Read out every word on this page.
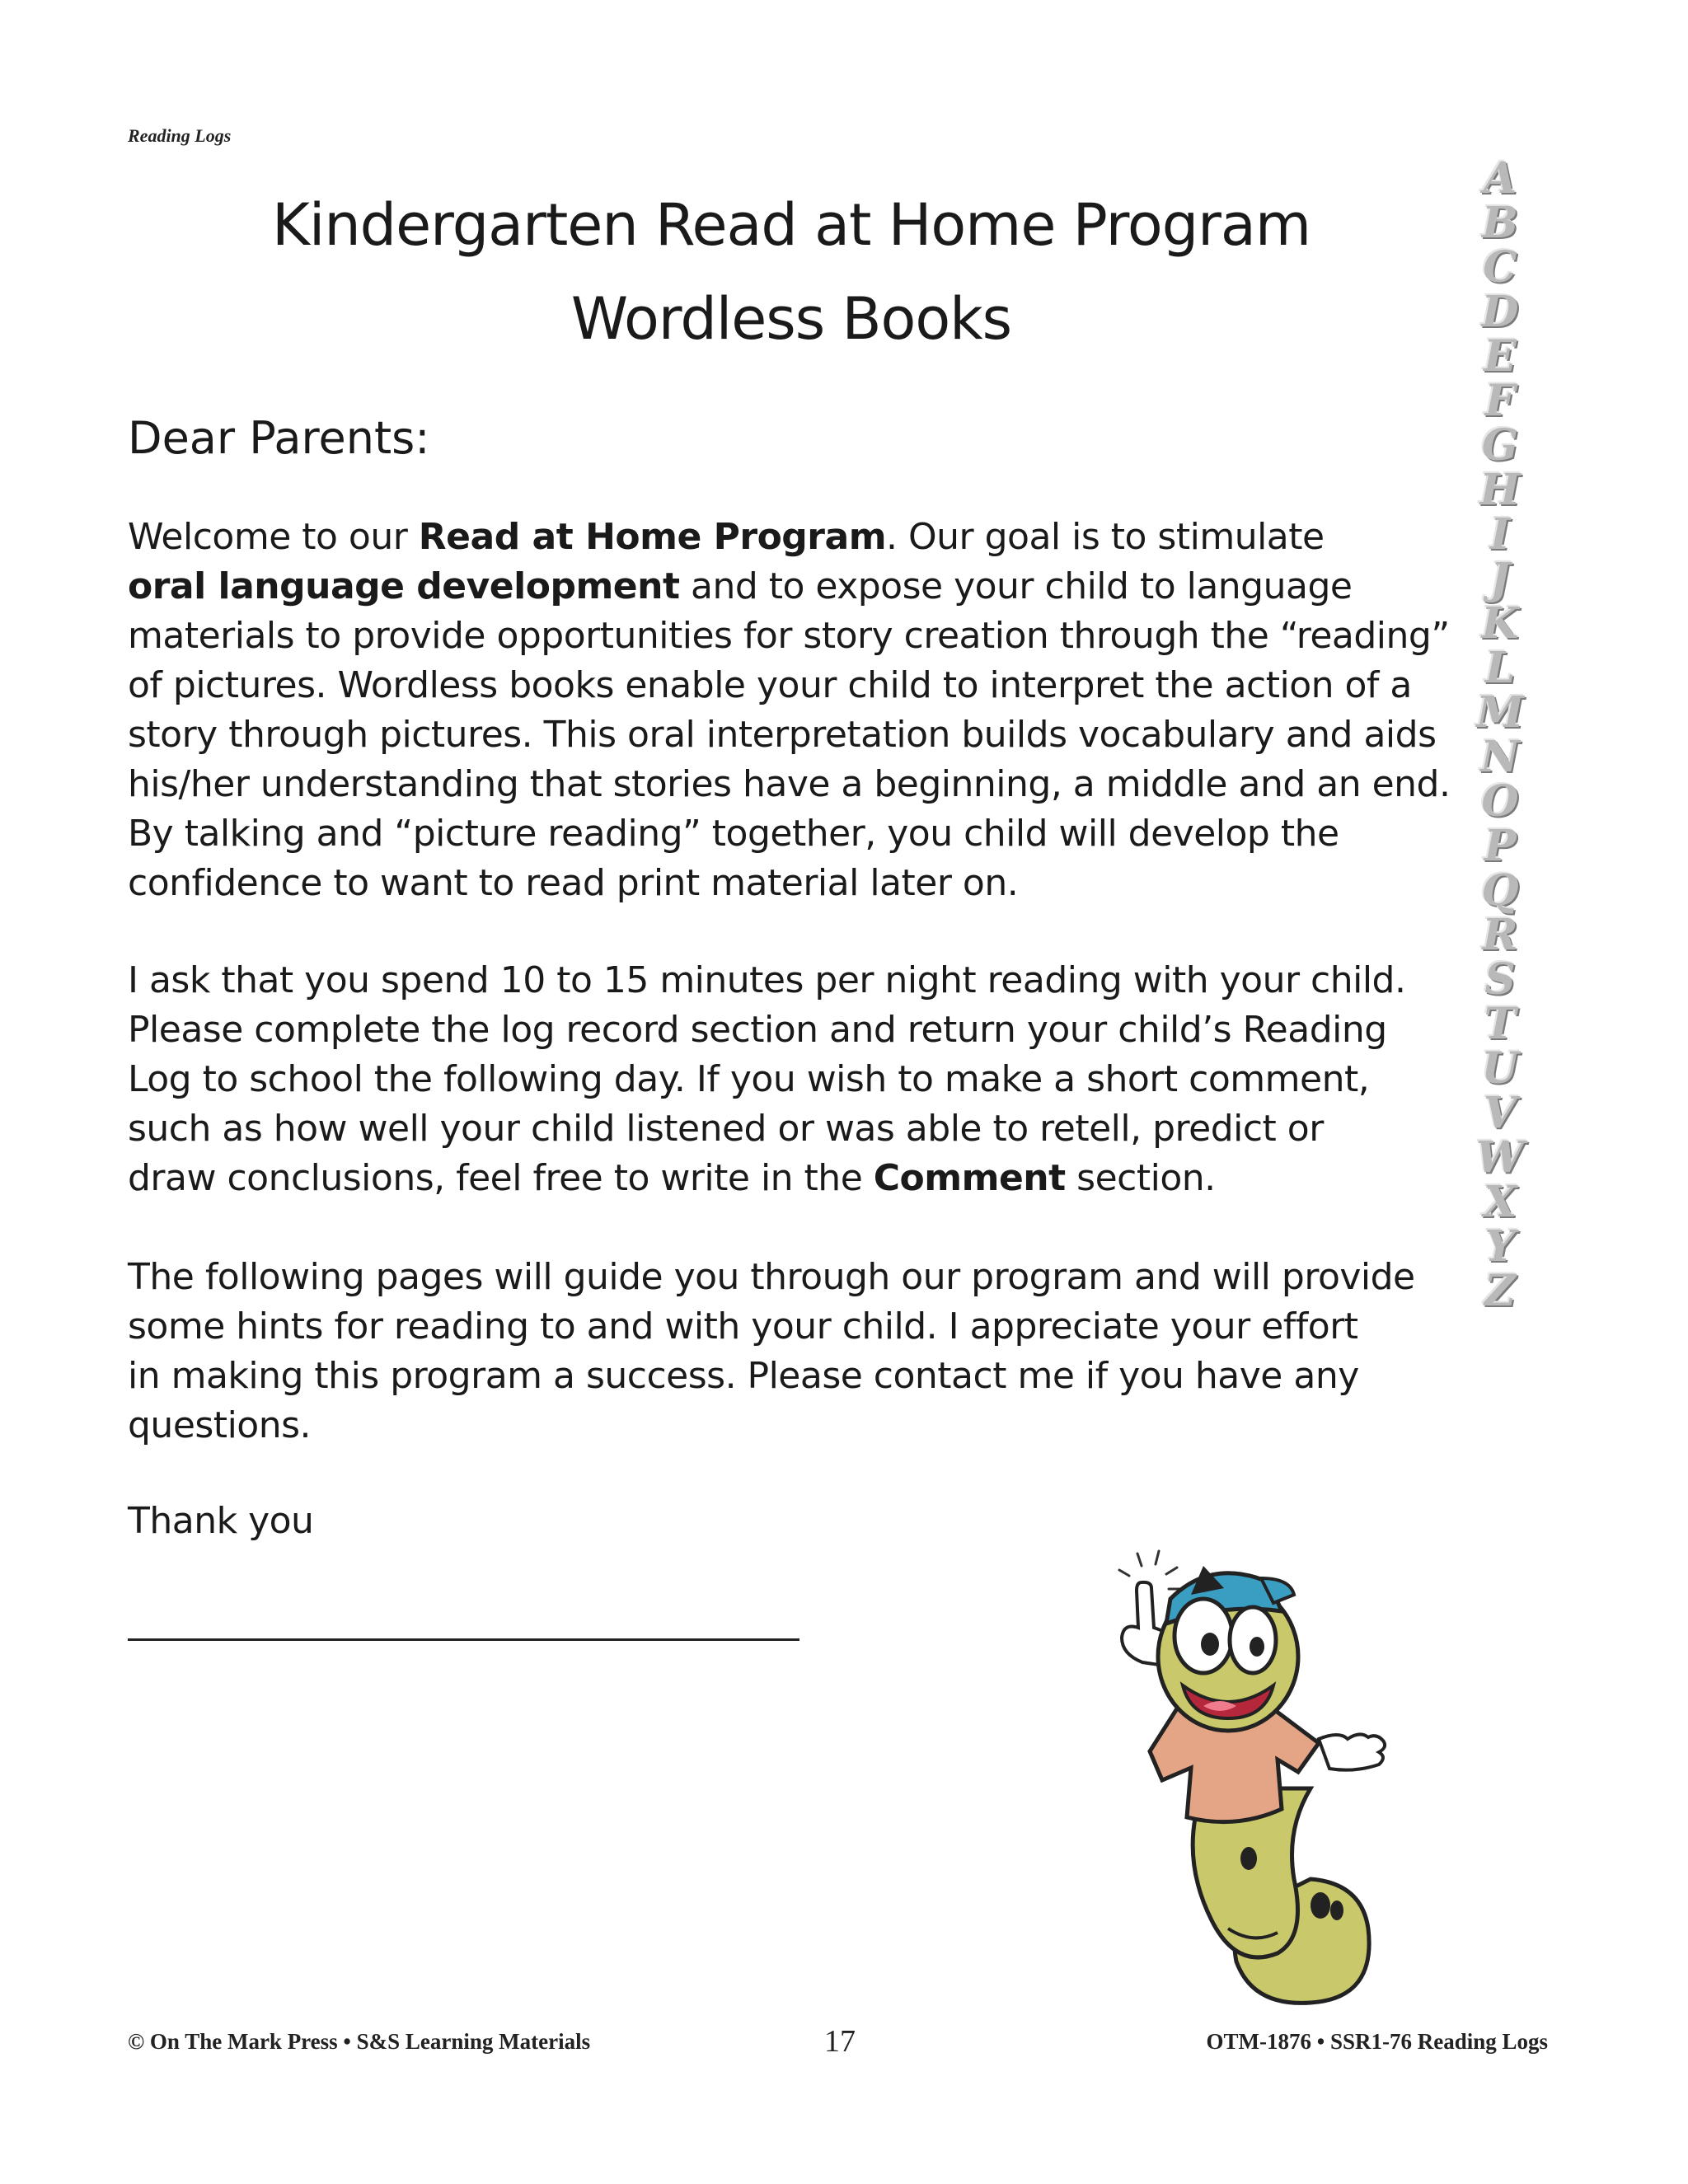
Reading Logs
Kindergarten Read at Home Program
Wordless Books
Dear Parents:
Welcome to our Read at Home Program. Our goal is to stimulate
oral language development and to expose your child to language
materials to provide opportunities for story creation through the “reading”
of pictures. Wordless books enable your child to interpret the action of a
story through pictures. This oral interpretation builds vocabulary and aids
his/her understanding that stories have a beginning, a middle and an end.
By talking and “picture reading” together, you child will develop the
confidence to want to read print material later on.
I ask that you spend 10 to 15 minutes per night reading with your child.
Please complete the log record section and return your child’s Reading
Log to school the following day. If you wish to make a short comment,
such as how well your child listened or was able to retell, predict or
draw conclusions, feel free to write in the Comment section.
The following pages will guide you through our program and will provide
some hints for reading to and with your child. I appreciate your effort
in making this program a success. Please contact me if you have any
questions.
Thank you
A
B
C
D
E
F
G
H
I
J
K
L
M
N
O
P
Q
R
S
T
U
V
W
X
Y
Z
© On The Mark Press • S&S Learning Materials	17	OTM-1876 • SSR1-76 Reading Logs
